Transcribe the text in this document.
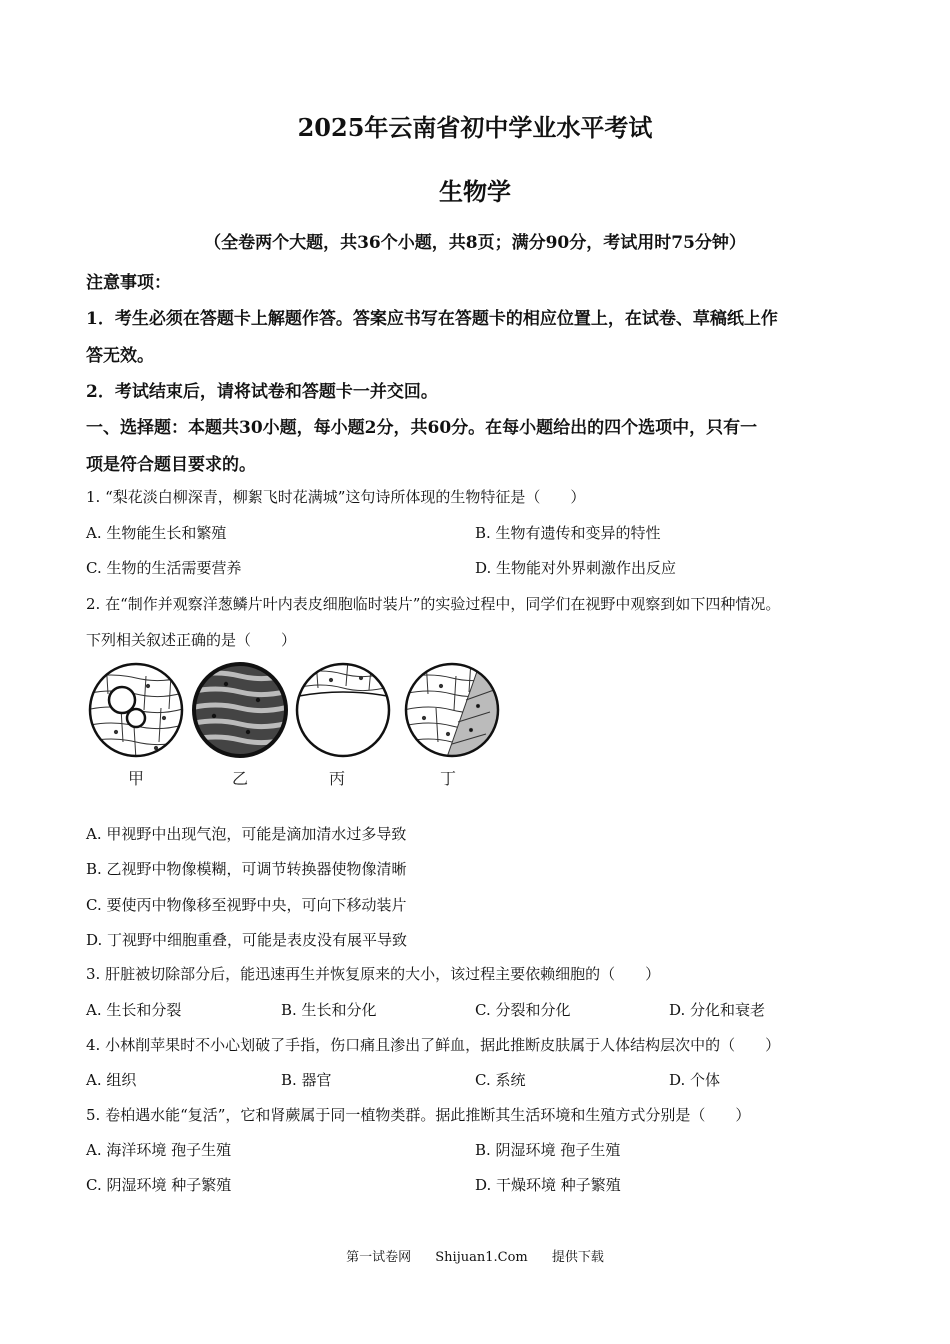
2025年云南省初中学业水平考试
生物学
（全卷两个大题，共36个小题，共8页；满分90分，考试用时75分钟）
注意事项：
1．考生必须在答题卡上解题作答。答案应书写在答题卡的相应位置上，在试卷、草稿纸上作
答无效。
2．考试结束后，请将试卷和答题卡一并交回。
一、选择题：本题共30小题，每小题2分，共60分。在每小题给出的四个选项中，只有一
项是符合题目要求的。
1. “梨花淡白柳深青，柳絮飞时花满城”这句诗所体现的生物特征是（　　）
A. 生物能生长和繁殖	B. 生物有遗传和变异的特性
C. 生物的生活需要营养	D. 生物能对外界刺激作出反应
2. 在“制作并观察洋葱鳞片叶内表皮细胞临时装片”的实验过程中，同学们在视野中观察到如下四种情况。
下列相关叙述正确的是（　　）
甲	乙	丙	丁
A. 甲视野中出现气泡，可能是滴加清水过多导致
B. 乙视野中物像模糊，可调节转换器使物像清晰
C. 要使丙中物像移至视野中央，可向下移动装片
D. 丁视野中细胞重叠，可能是表皮没有展平导致
3. 肝脏被切除部分后，能迅速再生并恢复原来的大小，该过程主要依赖细胞的（　　）
A. 生长和分裂	B. 生长和分化	C. 分裂和分化	D. 分化和衰老
4. 小林削苹果时不小心划破了手指，伤口痛且渗出了鲜血，据此推断皮肤属于人体结构层次中的（　　）
A. 组织	B. 器官	C. 系统	D. 个体
5. 卷柏遇水能“复活”，它和肾蕨属于同一植物类群。据此推断其生活环境和生殖方式分别是（　　）
A. 海洋环境 孢子生殖	B. 阴湿环境 孢子生殖
C. 阴湿环境 种子繁殖	D. 干燥环境 种子繁殖
第一试卷网 Shijuan1.Com 提供下载
